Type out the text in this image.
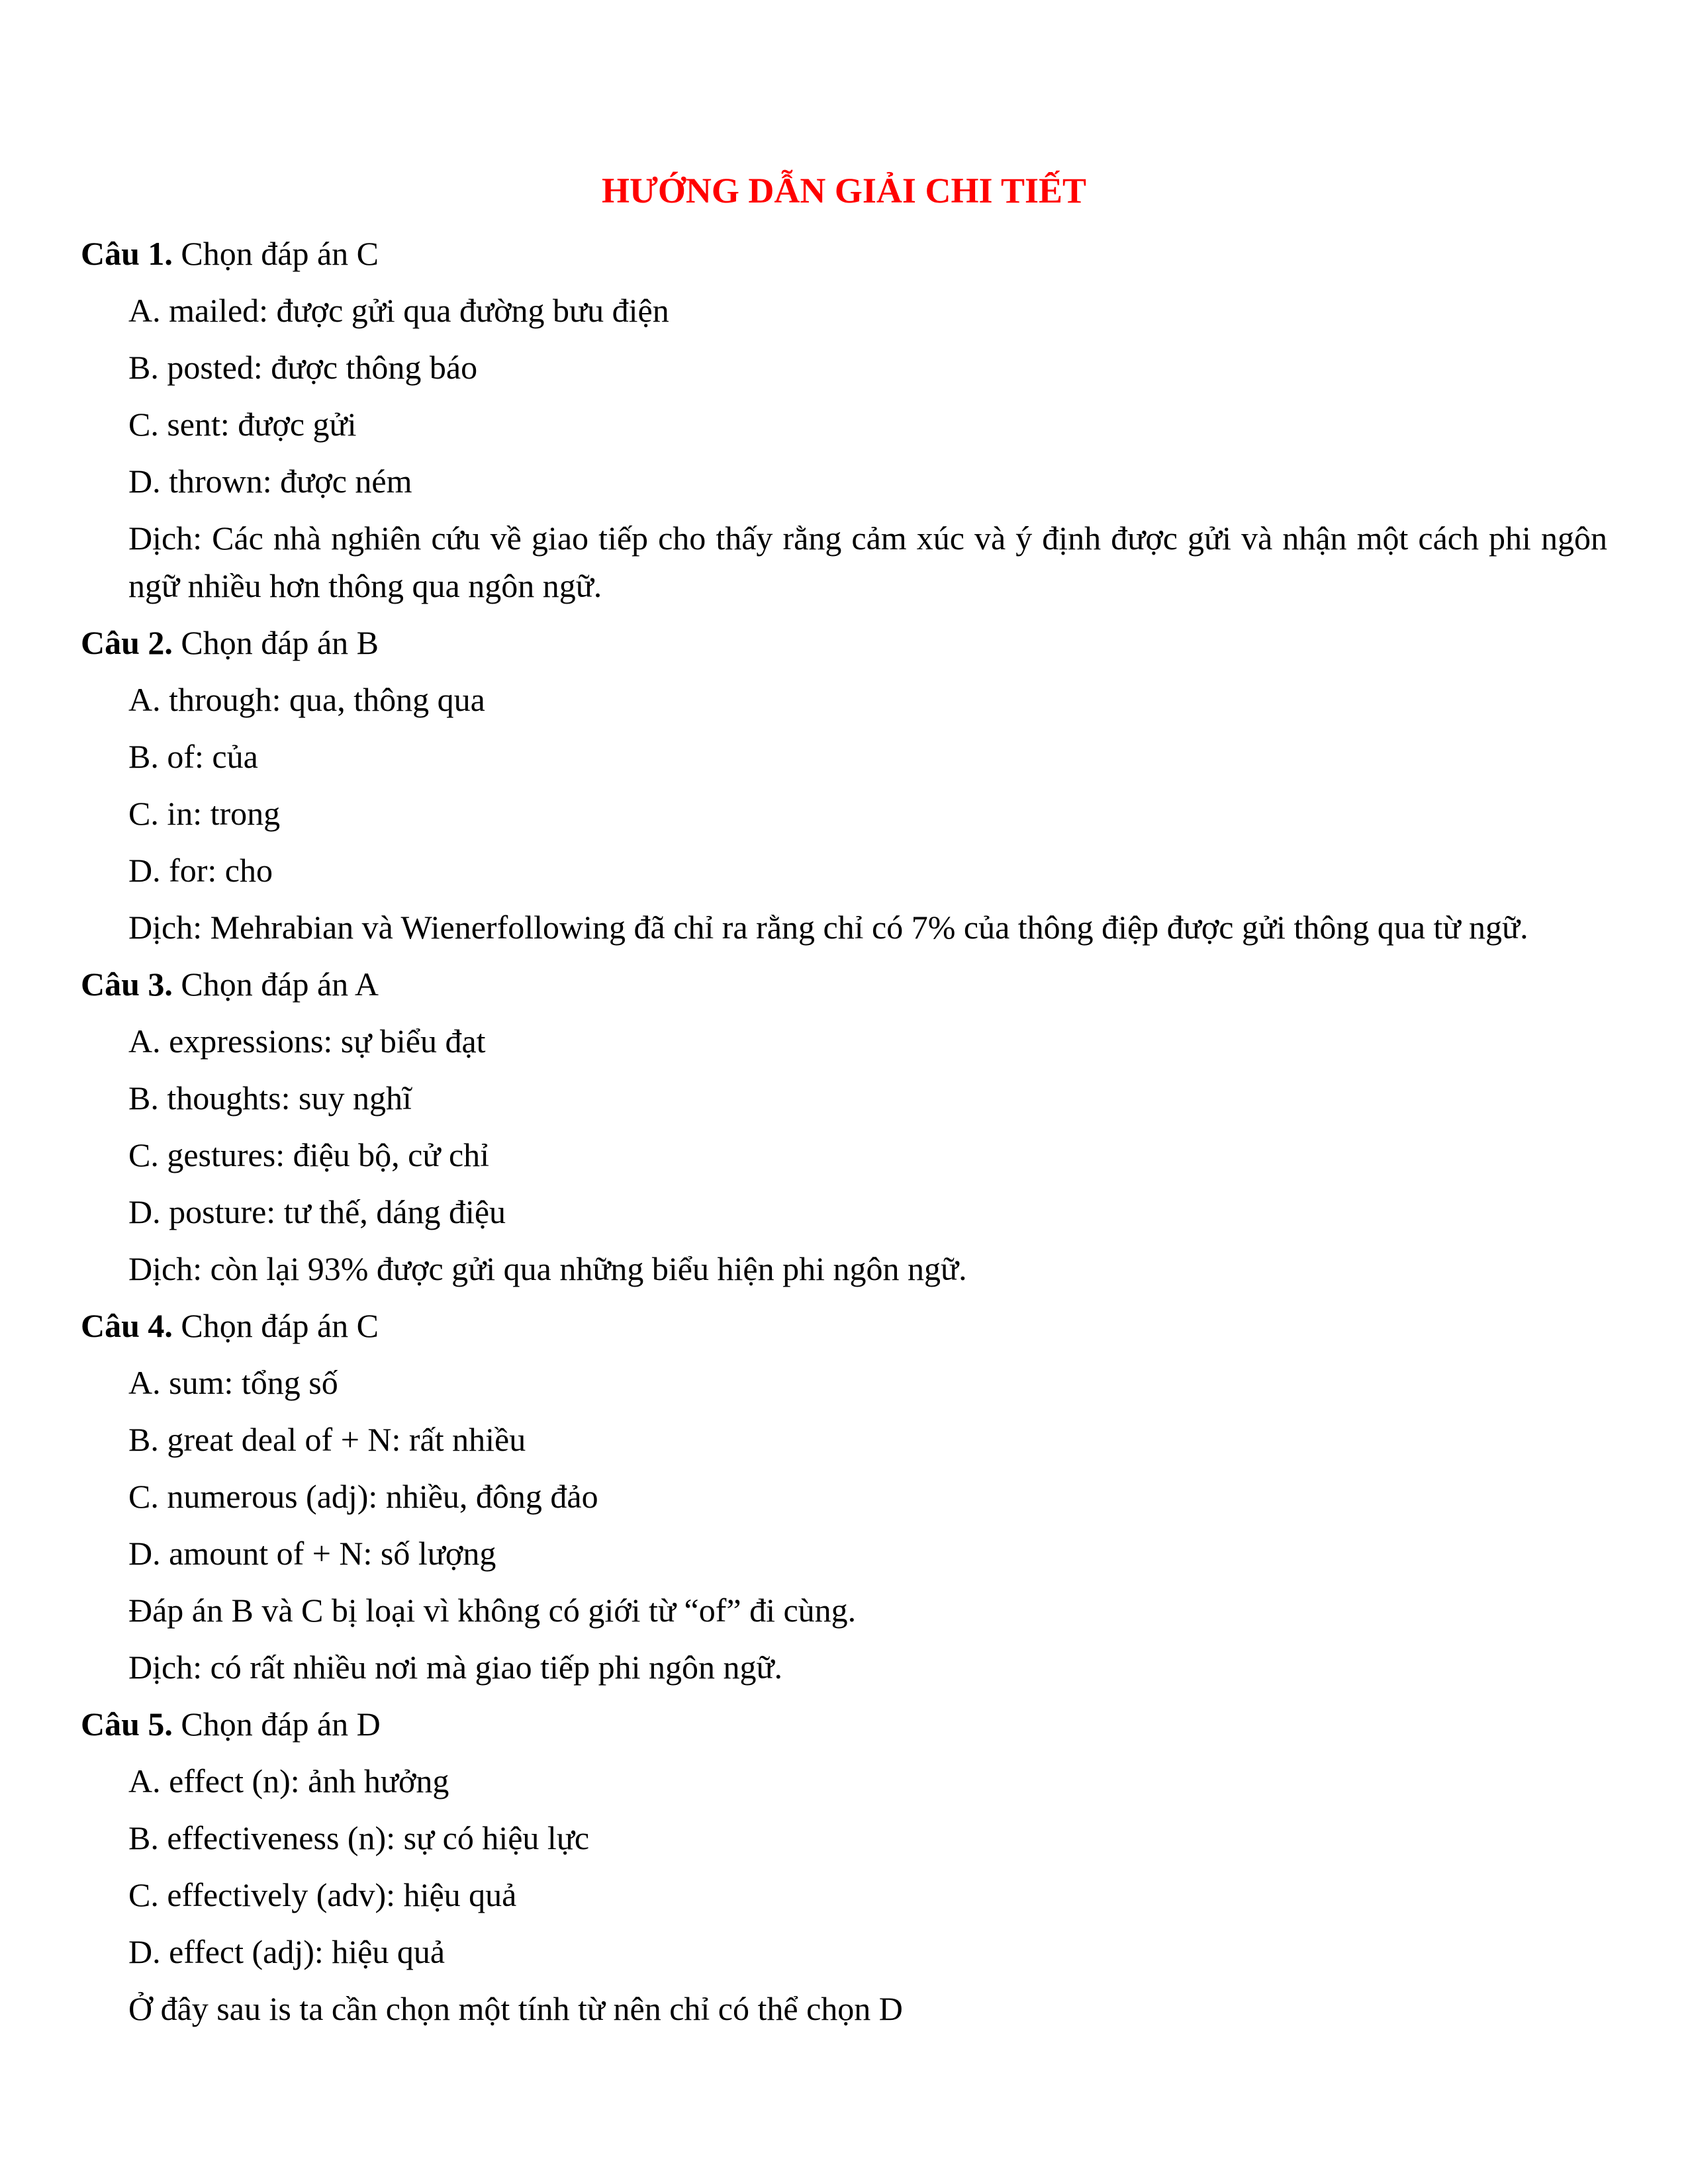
HƯỚNG DẪN GIẢI CHI TIẾT

Câu 1. Chọn đáp án C

A. mailed: được gửi qua đường bưu điện

B. posted: được thông báo

C. sent: được gửi

D. thrown: được ném

Dịch: Các nhà nghiên cứu về giao tiếp cho thấy rằng cảm xúc và ý định được gửi và nhận một cách phi ngôn ngữ nhiều hơn thông qua ngôn ngữ.

Câu 2. Chọn đáp án B

A. through: qua, thông qua

B. of: của

C. in: trong

D. for: cho

Dịch: Mehrabian và Wienerfollowing đã chỉ ra rằng chỉ có 7% của thông điệp được gửi thông qua từ ngữ.

Câu 3. Chọn đáp án A

A. expressions: sự biểu đạt

B. thoughts: suy nghĩ

C. gestures: điệu bộ, cử chỉ

D. posture: tư thế, dáng điệu

Dịch: còn lại 93% được gửi qua những biểu hiện phi ngôn ngữ.

Câu 4. Chọn đáp án C

A. sum: tổng số

B. great deal of + N: rất nhiều

C. numerous (adj): nhiều, đông đảo

D. amount of + N: số lượng

Đáp án B và C bị loại vì không có giới từ “of” đi cùng.

Dịch: có rất nhiều nơi mà giao tiếp phi ngôn ngữ.

Câu 5. Chọn đáp án D

A. effect (n): ảnh hưởng

B. effectiveness (n): sự có hiệu lực

C. effectively (adv): hiệu quả

D. effect (adj): hiệu quả

Ở đây sau is ta cần chọn một tính từ nên chỉ có thể chọn D
